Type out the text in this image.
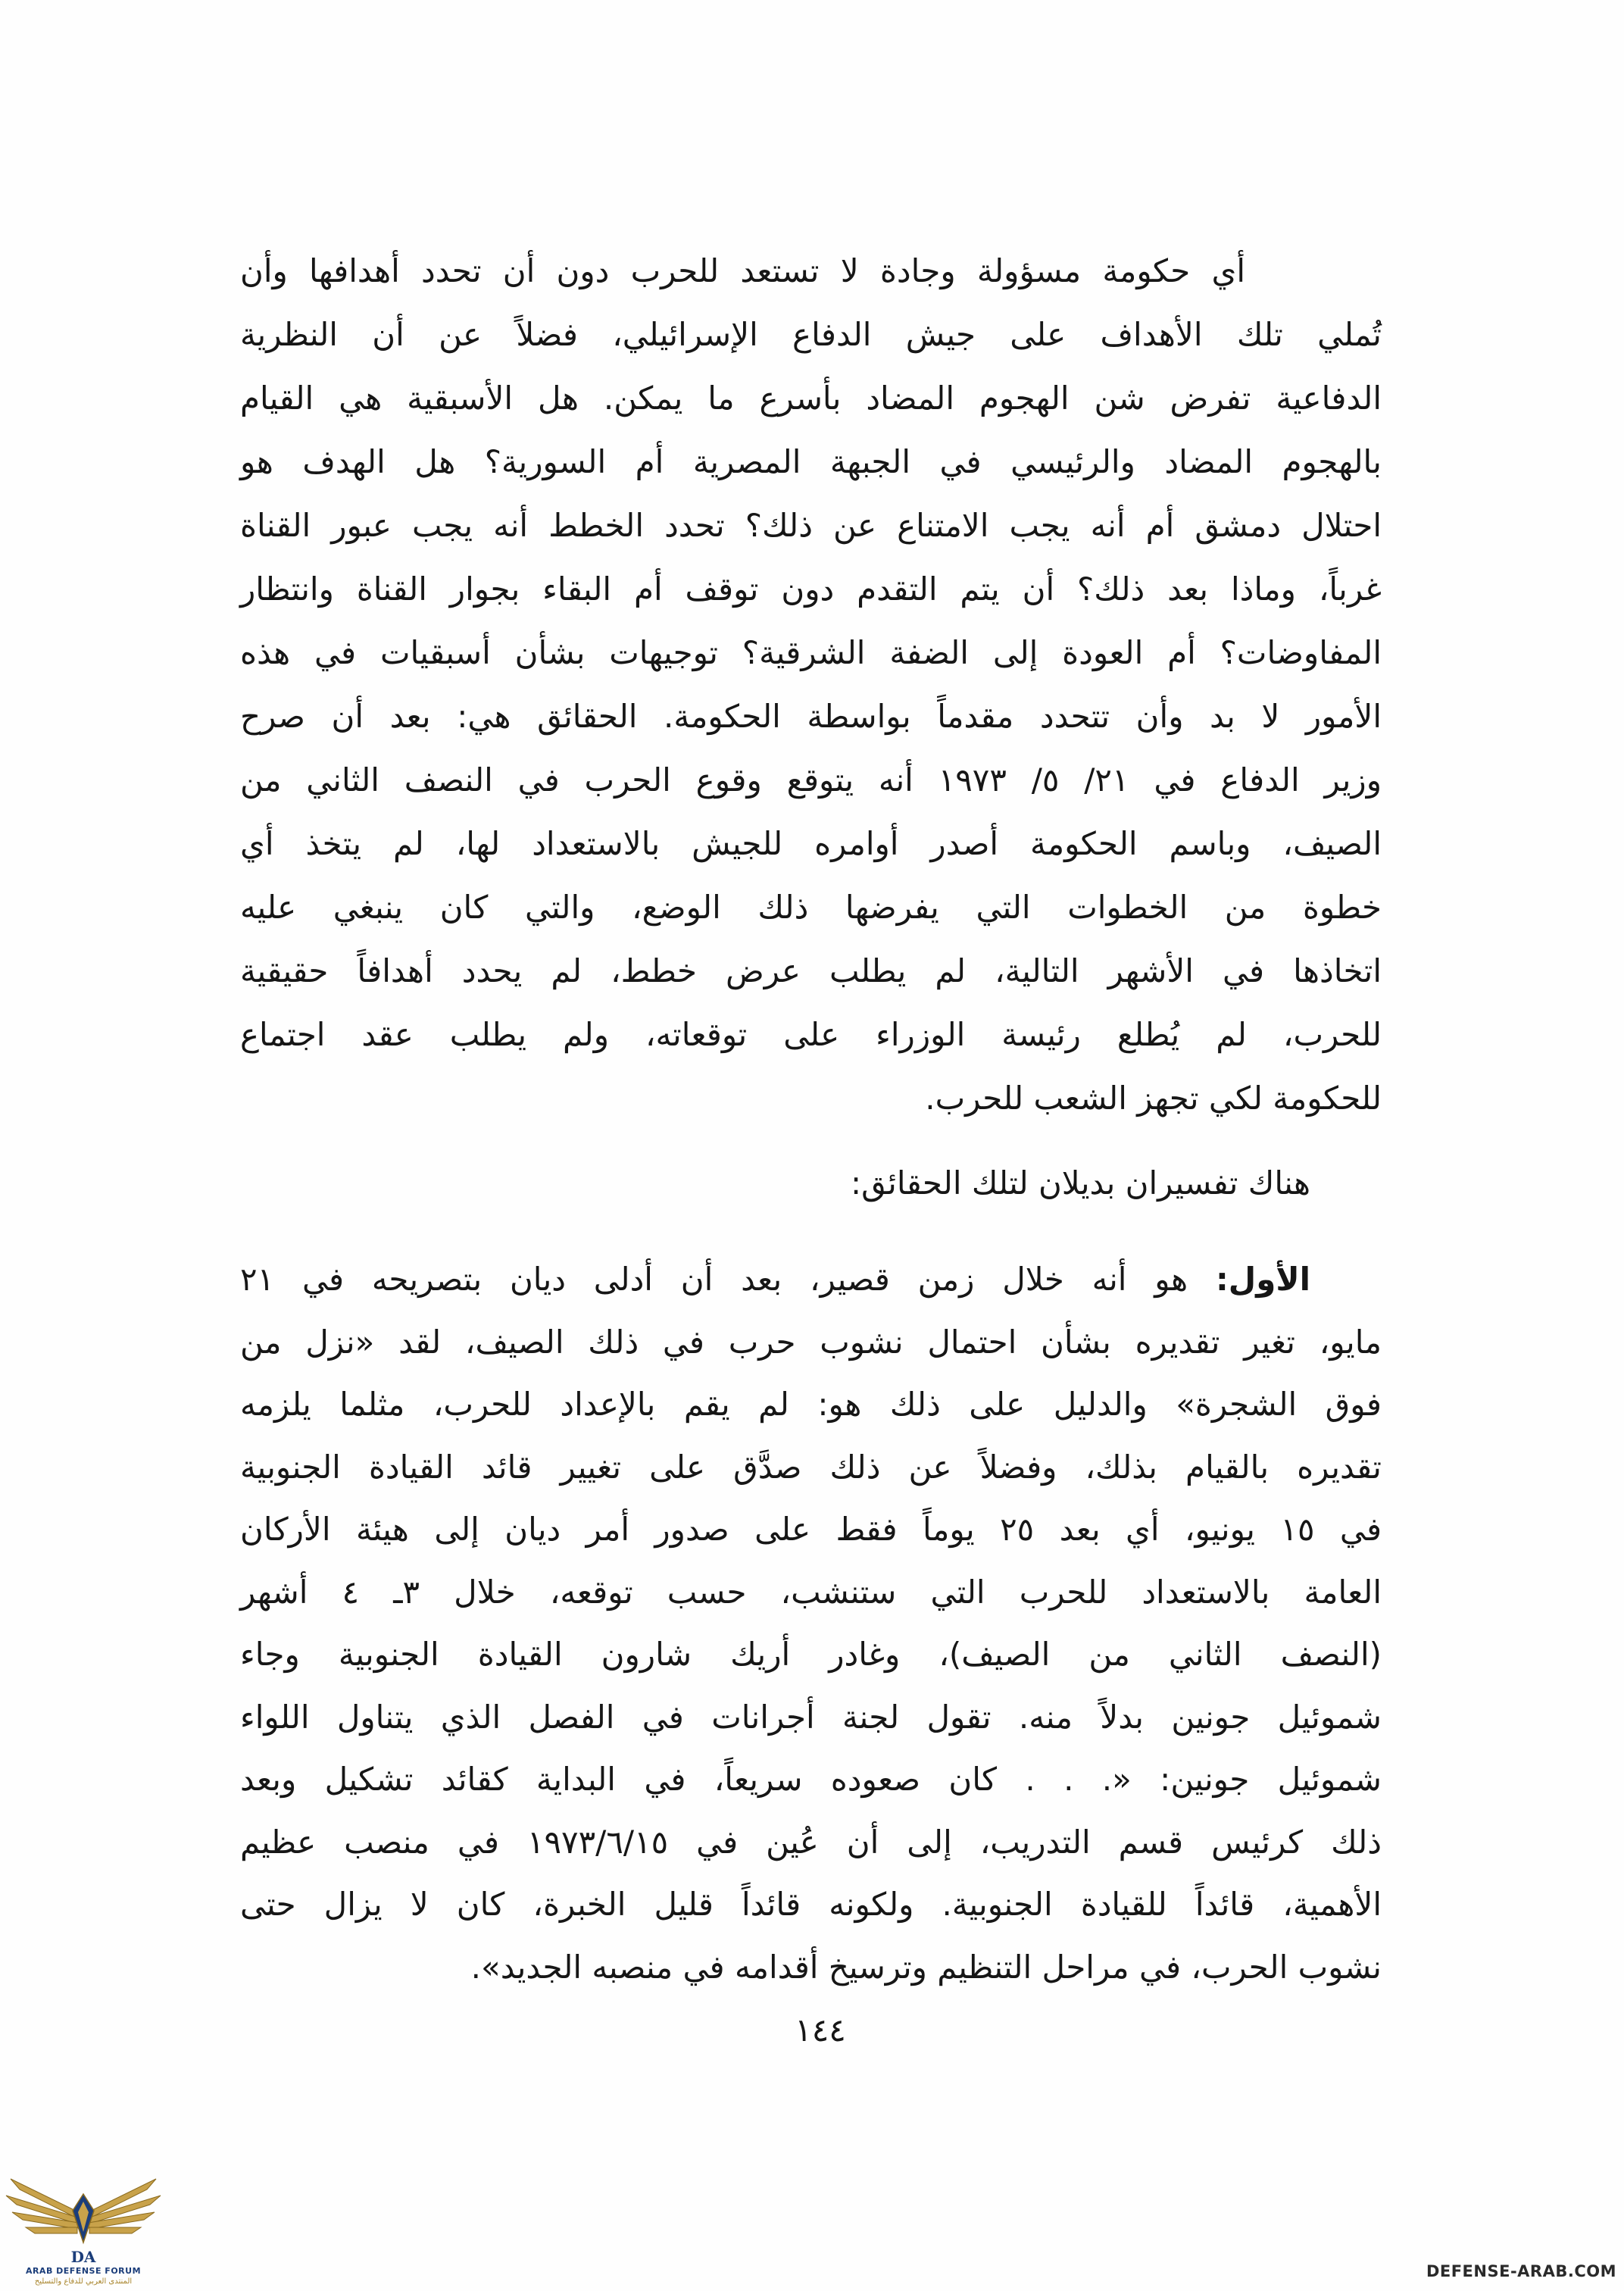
أي حكومة مسؤولة وجادة لا تستعد للحرب دون أن تحدد أهدافها وأن
تُملي تلك الأهداف على جيش الدفاع الإسرائيلي، فضلاً عن أن النظرية
الدفاعية تفرض شن الهجوم المضاد بأسرع ما يمكن. هل الأسبقية هي القيام
بالهجوم المضاد والرئيسي في الجبهة المصرية أم السورية؟ هل الهدف هو
احتلال دمشق أم أنه يجب الامتناع عن ذلك؟ تحدد الخطط أنه يجب عبور القناة
غرباً، وماذا بعد ذلك؟ أن يتم التقدم دون توقف أم البقاء بجوار القناة وانتظار
المفاوضات؟ أم العودة إلى الضفة الشرقية؟ توجيهات بشأن أسبقيات في هذه
الأمور لا بد وأن تتحدد مقدماً بواسطة الحكومة. الحقائق هي: بعد أن صرح
وزير الدفاع في ٢١/ ٥/ ١٩٧٣ أنه يتوقع وقوع الحرب في النصف الثاني من
الصيف، وباسم الحكومة أصدر أوامره للجيش بالاستعداد لها، لم يتخذ أي
خطوة من الخطوات التي يفرضها ذلك الوضع، والتي كان ينبغي عليه
اتخاذها في الأشهر التالية، لم يطلب عرض خطط، لم يحدد أهدافاً حقيقية
للحرب، لم يُطلع رئيسة الوزراء على توقعاته، ولم يطلب عقد اجتماع
للحكومة لكي تجهز الشعب للحرب.
هناك تفسيران بديلان لتلك الحقائق:
الأول: هو أنه خلال زمن قصير، بعد أن أدلى ديان بتصريحه في ٢١
مايو، تغير تقديره بشأن احتمال نشوب حرب في ذلك الصيف، لقد «نزل من
فوق الشجرة» والدليل على ذلك هو: لم يقم بالإعداد للحرب، مثلما يلزمه
تقديره بالقيام بذلك، وفضلاً عن ذلك صدَّق على تغيير قائد القيادة الجنوبية
في ١٥ يونيو، أي بعد ٢٥ يوماً فقط على صدور أمر ديان إلى هيئة الأركان
العامة بالاستعداد للحرب التي ستنشب، حسب توقعه، خلال ٣ـ ٤ أشهر
(النصف الثاني من الصيف)، وغادر أريك شارون القيادة الجنوبية وجاء
شموئيل جونين بدلاً منه. تقول لجنة أجرانات في الفصل الذي يتناول اللواء
شموئيل جونين: «. . . كان صعوده سريعاً، في البداية كقائد تشكيل وبعد
ذلك كرئيس قسم التدريب، إلى أن عُين في ١٥/‏٦/‏١٩٧٣ في منصب عظيم
الأهمية، قائداً للقيادة الجنوبية. ولكونه قائداً قليل الخبرة، كان لا يزال حتى
نشوب الحرب، في مراحل التنظيم وترسيخ أقدامه في منصبه الجديد».
١٤٤
DA
ARAB DEFENSE FORUM
المنتدى العربي للدفاع والتسليح
DEFENSE-ARAB.COM
